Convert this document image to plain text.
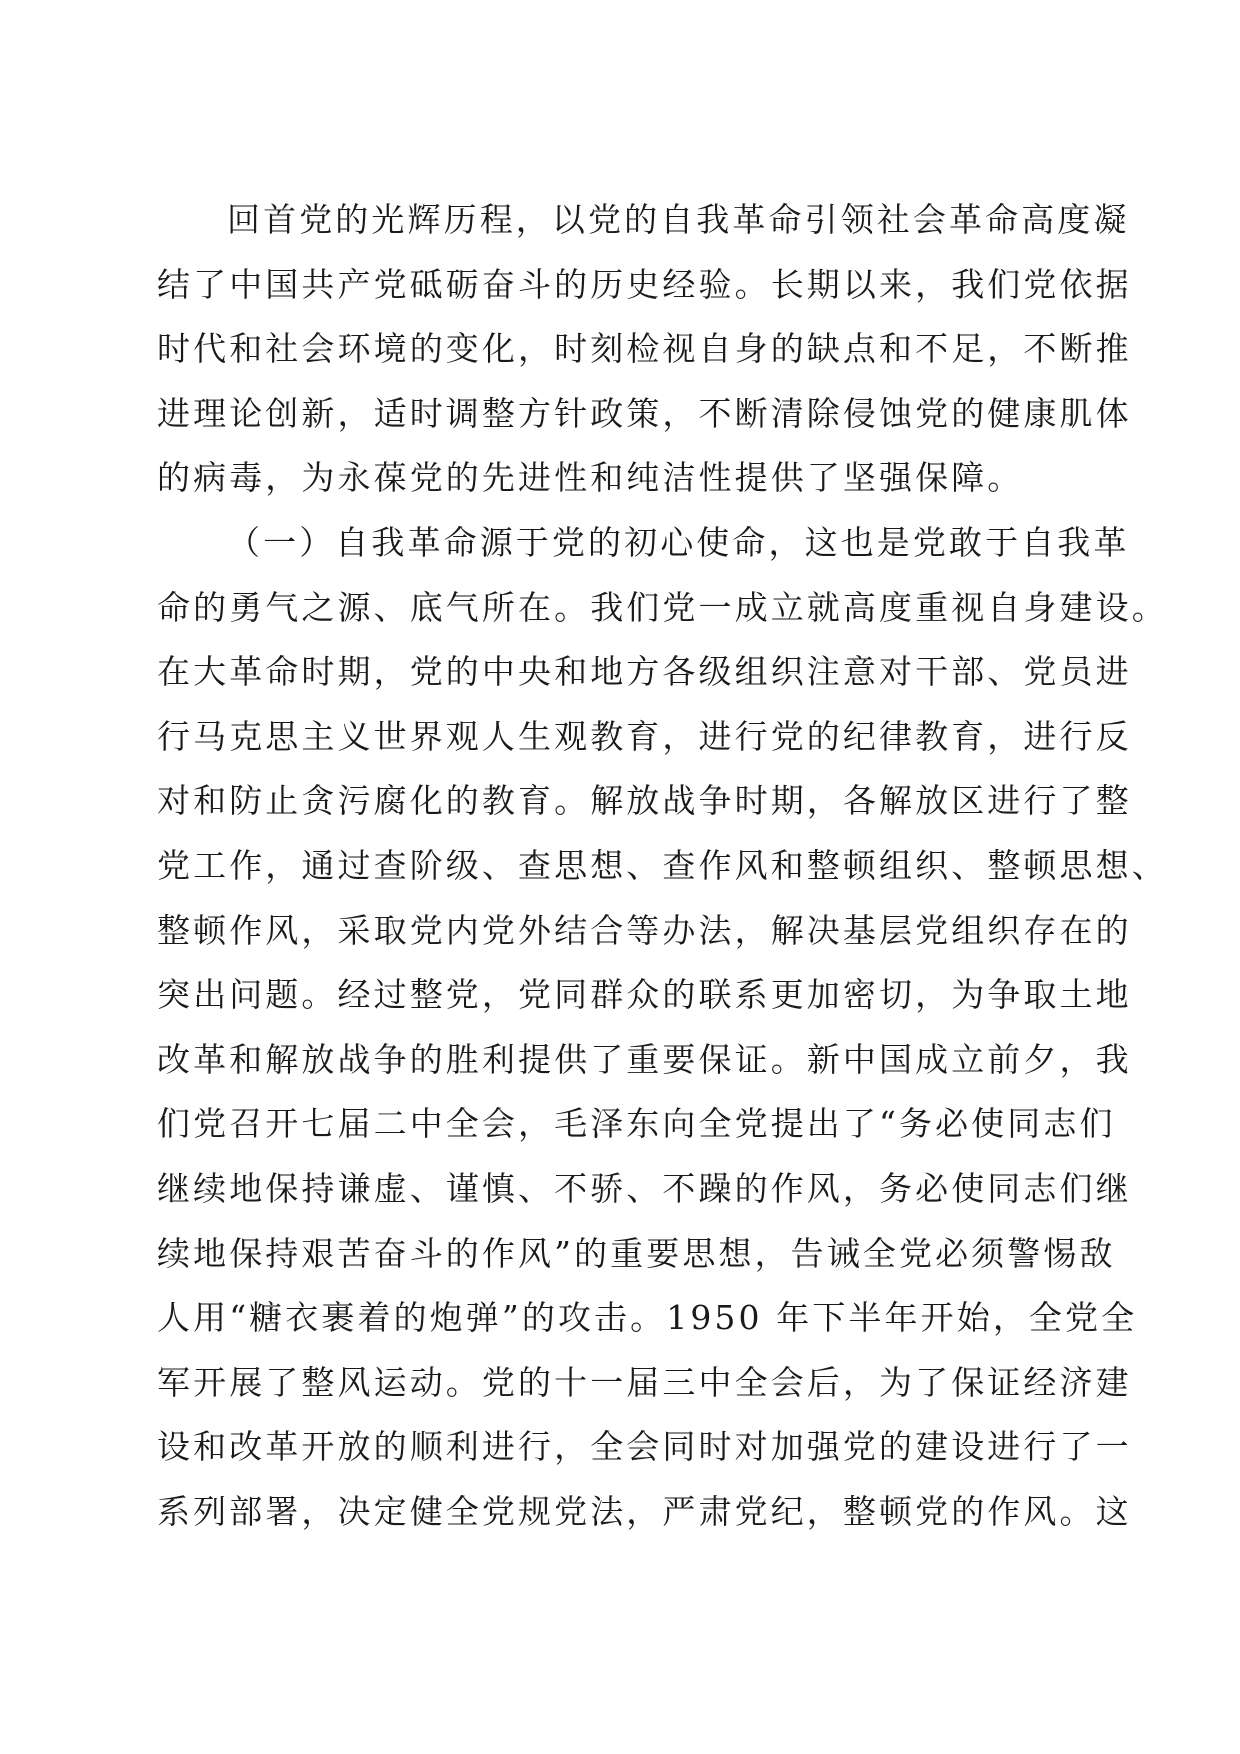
回首党的光辉历程，以党的自我革命引领社会革命高度凝
结了中国共产党砥砺奋斗的历史经验。长期以来，我们党依据
时代和社会环境的变化，时刻检视自身的缺点和不足，不断推
进理论创新，适时调整方针政策，不断清除侵蚀党的健康肌体
的病毒，为永葆党的先进性和纯洁性提供了坚强保障。
（一）自我革命源于党的初心使命，这也是党敢于自我革
命的勇气之源、底气所在。我们党一成立就高度重视自身建设。
在大革命时期，党的中央和地方各级组织注意对干部、党员进
行马克思主义世界观人生观教育，进行党的纪律教育，进行反
对和防止贪污腐化的教育。解放战争时期，各解放区进行了整
党工作，通过查阶级、查思想、查作风和整顿组织、整顿思想、
整顿作风，采取党内党外结合等办法，解决基层党组织存在的
突出问题。经过整党，党同群众的联系更加密切，为争取土地
改革和解放战争的胜利提供了重要保证。新中国成立前夕，我
们党召开七届二中全会，毛泽东向全党提出了“务必使同志们
继续地保持谦虚、谨慎、不骄、不躁的作风，务必使同志们继
续地保持艰苦奋斗的作风”的重要思想，告诫全党必须警惕敌
人用“糖衣裹着的炮弹”的攻击。1950 年下半年开始，全党全
军开展了整风运动。党的十一届三中全会后，为了保证经济建
设和改革开放的顺利进行，全会同时对加强党的建设进行了一
系列部署，决定健全党规党法，严肃党纪，整顿党的作风。这
